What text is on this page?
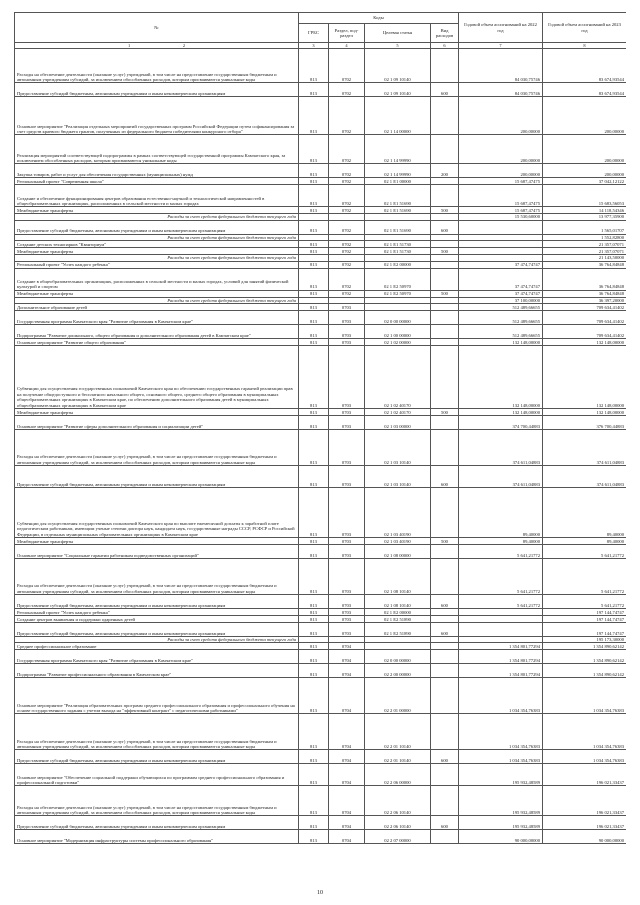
№	Коды				Годовой объем ассигнований на 2022 год	Годовой объем ассигнований на 2023 год
	ГРБС	Раздел, под-раздел	Целевая статья	Вид расходов		
1 2	3	4	5	6	7	8
Расходы на обеспечение деятельности (оказание услуг) учреждений, в том числе на предоставление государственным бюджетным и автономным учреждениям субсидий, за исключением обособленных расходов, которым присваиваются уникальные коды	813	0702	02 1 09 10140		84 030,75746	83 674,93544
Предоставление субсидий бюджетным, автономным учреждениям и иным некоммерческим организациям	813	0702	02 1 09 10140	600	84 030,75746	83 674,93544
Основное мероприятие "Реализация отдельных мероприятий государственных программ Российской Федерации путем софинансирования за счет средств краевого бюджета грантов, полученных из федерального бюджета победителями конкурсного отбора"	813	0702	02 1 14 00000		200,00000	200,00000
Реализация мероприятий соответствующей подпрограммы в рамках соответствующей государственной программы Камчатского края, за исключением обособленных расходов, которым присваиваются уникальные коды	813	0702	02 1 14 99990		200,00000	200,00000
Закупка товаров, работ и услуг для обеспечения государственных (муниципальных) нужд	813	0702	02 1 14 99990	200	200,00000	200,00000
Региональный проект "Современная школа"	813	0702	02 1 Е1 00000		15 687,47475	37 042,12122
Создание и обеспечение функционирования центров образования естественно-научной и технологической направленностей в общеобразовательных организациях, расположенных в сельской местности и малых городах	813	0702	02 1 Е1 51690		15 687,47475	15 683,56053
Межбюджетные трансферты	813	0702	02 1 Е1 51690	500	15 687,47475	14 118,54346
Расходы за счет средств федерального бюджета текущего года					15 530,60000	13 977,35900
Предоставление субсидий бюджетным, автономным учреждениям и иным некоммерческим организациям	813	0702	02 1 Е1 51690	600		1 565,01707
Расходы за счет средств федерального бюджета текущего года						1 552,82800
Создание детских технопарков "Кванториум"	813	0702	02 1 Е1 51730			21 357,07071
Межбюджетные трансферты	813	0702	02 1 Е1 51730	500		21 357,07071
Расходы за счет средств федерального бюджета текущего года						21 143,50000
Региональный проект "Успех каждого ребенка"	813	0702	02 1 Е2 00000		37 474,74747	36 764,84848
Создание в общеобразовательных организациях, расположенных в сельской местности и малых городах, условий для занятий физической культурой и спортом	813	0702	02 1 Е2 50970		37 474,74747	36 764,84848
Межбюджетные трансферты	813	0702	02 1 Е2 50970	500	37 474,74747	36 764,84848
Расходы за счет средств федерального бюджета текущего года					37 100,00000	36 397,20000
Дополнительное образование детей	813	0703			512 489,66655	709 634,41402
Государственная программа Камчатского края "Развитие образования в Камчатском крае"	813	0703	02 0 00 00000		512 489,66655	709 634,41402
Подпрограмма "Развитие дошкольного, общего образования и дополнительного образования детей в Камчатском крае"	813	0703	02 1 00 00000		512 489,66655	709 634,41402
Основное мероприятие "Развитие общего образования"	813	0703	02 1 02 00000		132 148,00000	132 148,00000
Субвенции для осуществления государственных полномочий Камчатского края по обеспечению государственных гарантий реализации прав на получение общедоступного и бесплатного начального общего, основного общего, среднего общего образования в муниципальных общеобразовательных организациях в Камчатском крае, по обеспечению дополнительного образования детей в муниципальных общеобразовательных организациях в Камчатском крае	813	0703	02 1 02 40170		132 148,00000	132 148,00000
Межбюджетные трансферты	813	0703	02 1 02 40170	500	132 148,00000	132 148,00000
Основное мероприятие "Развитие сферы дополнительного образования и социализации детей"	813	0703	02 1 03 00000		374 700,44883	376 700,44883
Расходы на обеспечение деятельности (оказание услуг) учреждений, в том числе на предоставление государственным бюджетным и автономным учреждениям субсидий, за исключением обособленных расходов, которым присваиваются уникальные коды	813	0703	02 1 03 10140		374 611,04883	374 611,04883
Предоставление субсидий бюджетным, автономным учреждениям и иным некоммерческим организациям	813	0703	02 1 03 10140	600	374 611,04883	374 611,04883
Субвенции для осуществления государственных полномочий Камчатского края по выплате ежемесячной доплаты к заработной плате педагогическим работникам, имеющим ученые степени доктора наук, кандидата наук, государственные награды СССР, РСФСР и Российской Федерации, в отдельных муниципальных образовательных организациях в Камчатском крае	813	0703	02 1 03 40190		89,40000	89,40000
Межбюджетные трансферты	813	0703	02 1 03 40190	500	89,40000	89,40000
Основное мероприятие "Социальные гарантии работникам подведомственных организаций"	813	0703	02 1 08 00000		5 641,21772	5 641,21772
Расходы на обеспечение деятельности (оказание услуг) учреждений, в том числе на предоставление государственным бюджетным и автономным учреждениям субсидий, за исключением обособленных расходов, которым присваиваются уникальные коды	813	0703	02 1 08 10140		5 641,21772	5 641,21772
Предоставление субсидий бюджетным, автономным учреждениям и иным некоммерческим организациям	813	0703	02 1 08 10140	600	5 641,21772	5 641,21772
Региональный проект "Успех каждого ребенка"	813	0703	02 1 Е2 00000			197 144,74747
Создание центров выявления и поддержки одаренных детей	813	0703	02 1 Е2 51890			197 144,74747
Предоставление субсидий бюджетным, автономным учреждениям и иным некоммерческим организациям	813	0703	02 1 Е2 51890	600		197 144,74747
Расходы за счет средств федерального бюджета текущего года						195 173,30000
Среднее профессиональное образование	813	0704			1 354 801,77294	1 354 890,62142
Государственная программа Камчатского края "Развитие образования в Камчатском крае"	813	0704	02 0 00 00000		1 354 801,77294	1 354 890,62142
Подпрограмма "Развитие профессионального образования в Камчатском крае"	813	0704	02 2 00 00000		1 354 801,77294	1 354 890,62142
Основное мероприятие "Реализация образовательных программ среднего профессионального образования и профессионального обучения на основе государственного задания с учетом выхода на "эффективный контракт" с педагогическими работниками"	813	0704	02 2 01 00000		1 034 354,76383	1 034 354,76383
Расходы на обеспечение деятельности (оказание услуг) учреждений, в том числе на предоставление государственным бюджетным и автономным учреждениям субсидий, за исключением обособленных расходов, которым присваиваются уникальные коды	813	0704	02 2 01 10140		1 034 354,76383	1 034 354,76383
Предоставление субсидий бюджетным, автономным учреждениям и иным некоммерческим организациям	813	0704	02 2 01 10140	600	1 034 354,76383	1 034 354,76383
Основное мероприятие "Обеспечение социальной поддержки обучающихся по программам среднего профессионального образования и профессиональной подготовки"	813	0704	02 2 06 00000		195 932,48589	196 021,33437
Расходы на обеспечение деятельности (оказание услуг) учреждений, в том числе на предоставление государственным бюджетным и автономным учреждениям субсидий, за исключением обособленных расходов, которым присваиваются уникальные коды	813	0704	02 2 06 10140		195 932,48589	196 021,33437
Предоставление субсидий бюджетным, автономным учреждениям и иным некоммерческим организациям	813	0704	02 2 06 10140	600	195 932,48589	196 021,33437
Основное мероприятие "Модернизация инфраструктуры системы профессионального образования"	813	0704	02 2 07 00000		90 000,00000	90 000,00000
10
